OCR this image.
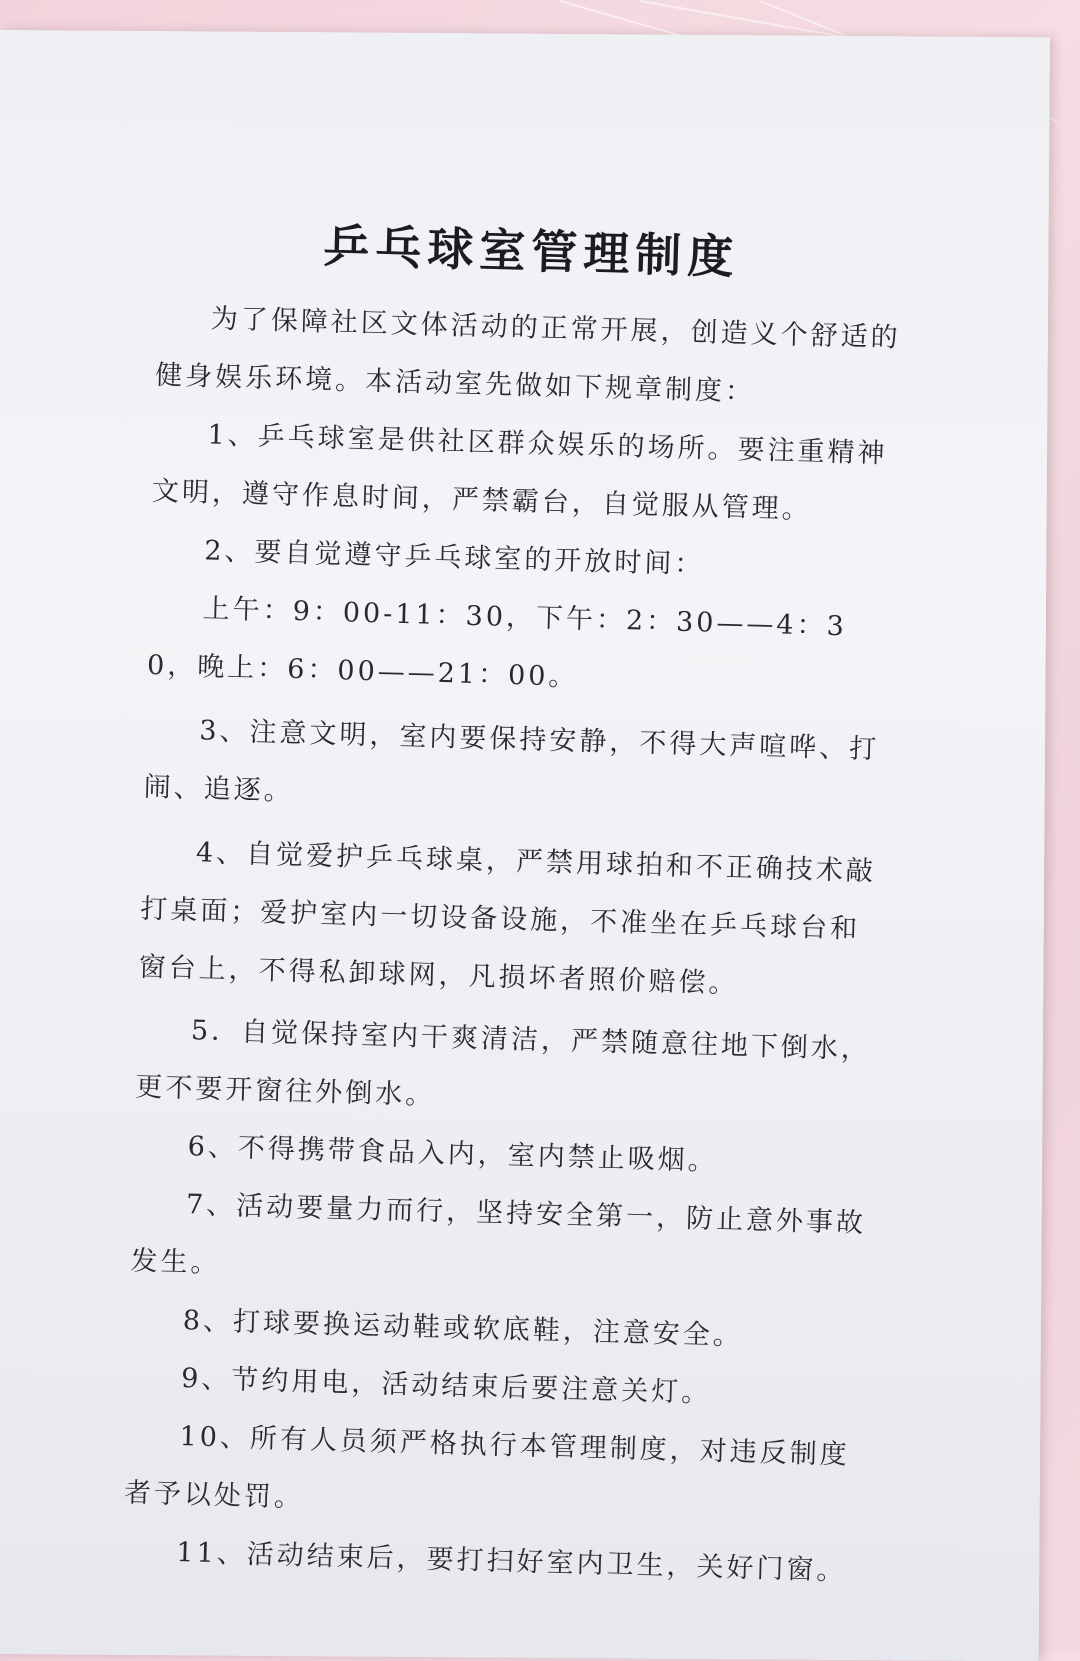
乒乓球室管理制度

为了保障社区文体活动的正常开展，创造义个舒适的健身娱乐环境。本活动室先做如下规章制度：

1、乒乓球室是供社区群众娱乐的场所。要注重精神文明，遵守作息时间，严禁霸台，自觉服从管理。

2、要自觉遵守乒乓球室的开放时间：

上午：9：00-11：30，下午：2：30——4：30，晚上：6：00——21：00。

3、注意文明，室内要保持安静，不得大声喧哗、打闹、追逐。

4、自觉爱护乒乓球桌，严禁用球拍和不正确技术敲打桌面；爱护室内一切设备设施，不准坐在乒乓球台和窗台上，不得私卸球网，凡损坏者照价赔偿。

5．自觉保持室内干爽清洁，严禁随意往地下倒水，更不要开窗往外倒水。

6、不得携带食品入内，室内禁止吸烟。

7、活动要量力而行，坚持安全第一，防止意外事故发生。

8、打球要换运动鞋或软底鞋，注意安全。

9、节约用电，活动结束后要注意关灯。

10、所有人员须严格执行本管理制度，对违反制度者予以处罚。

11、活动结束后，要打扫好室内卫生，关好门窗。
